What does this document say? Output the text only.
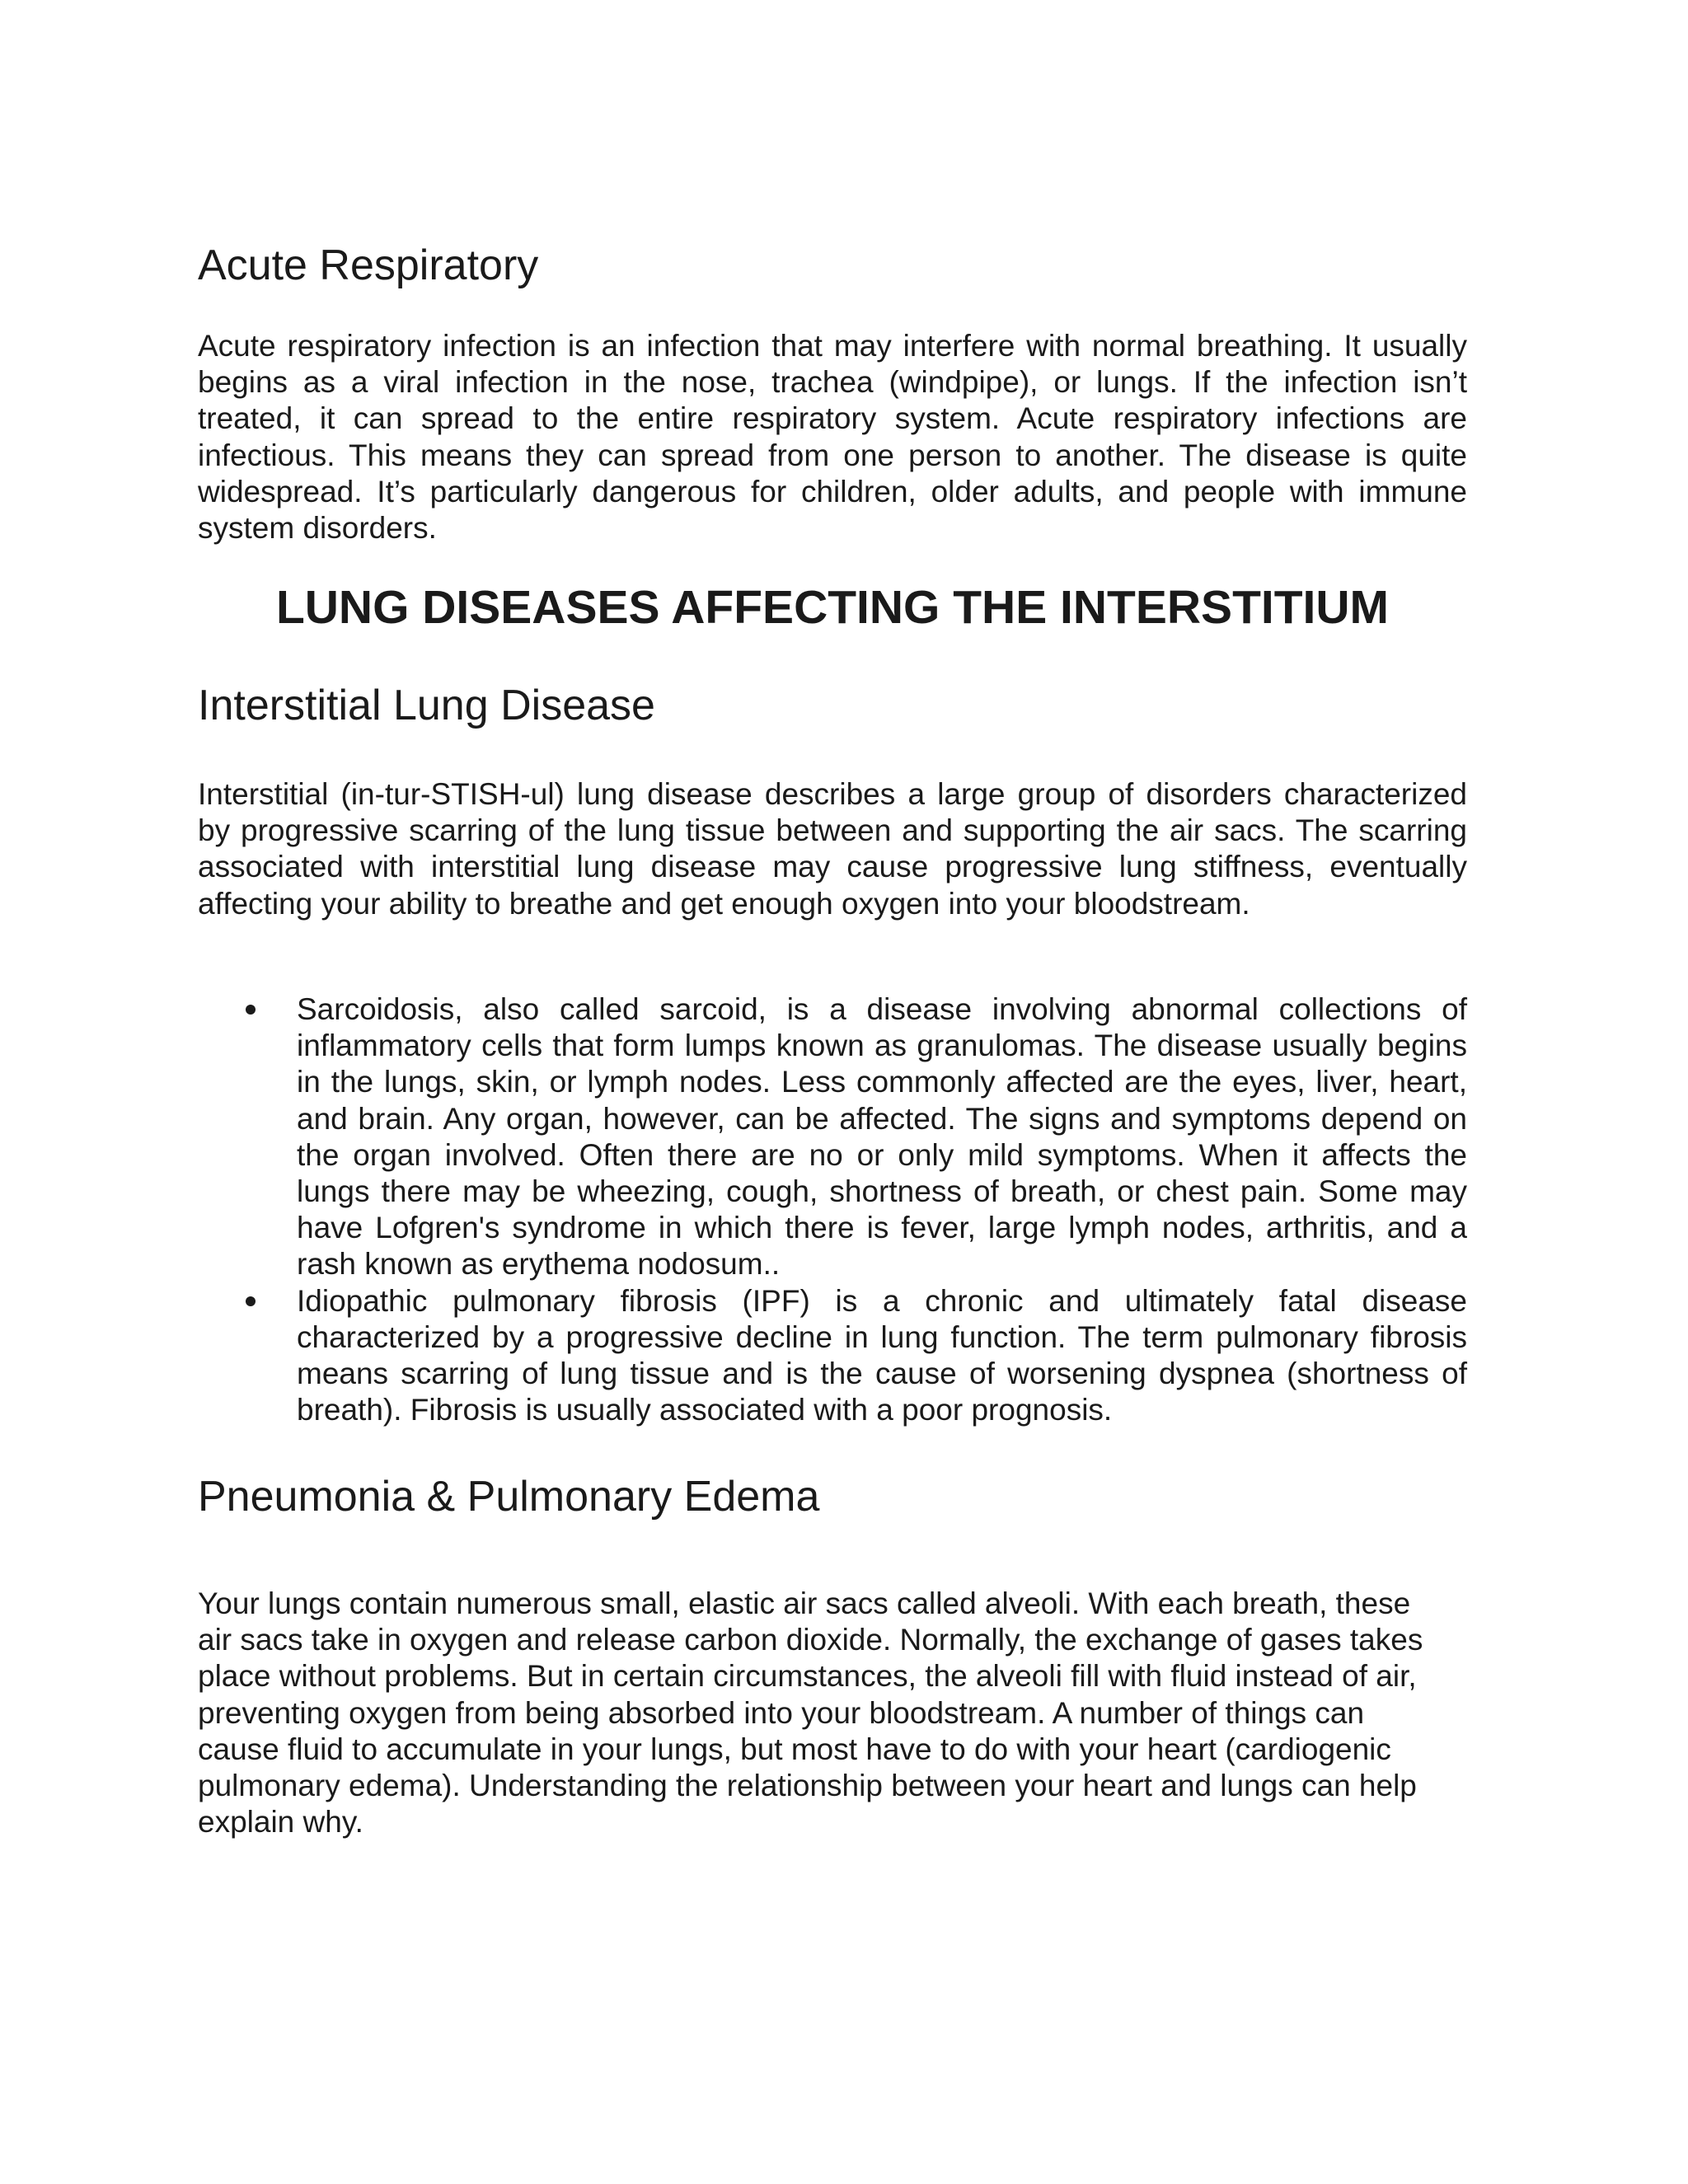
Acute Respiratory

Acute respiratory infection is an infection that may interfere with normal breathing. It usually begins as a viral infection in the nose, trachea (windpipe), or lungs. If the infection isn’t treated, it can spread to the entire respiratory system. Acute respiratory infections are infectious. This means they can spread from one person to another. The disease is quite widespread. It’s particularly dangerous for children, older adults, and people with immune system disorders.

LUNG DISEASES AFFECTING THE INTERSTITIUM
Interstitial Lung Disease

Interstitial (in-tur-STISH-ul) lung disease describes a large group of disorders characterized by progressive scarring of the lung tissue between and supporting the air sacs. The scarring associated with interstitial lung disease may cause progressive lung stiffness, eventually affecting your ability to breathe and get enough oxygen into your bloodstream.

Sarcoidosis, also called sarcoid, is a disease involving abnormal collections of inflammatory cells that form lumps known as granulomas. The disease usually begins in the lungs, skin, or lymph nodes. Less commonly affected are the eyes, liver, heart, and brain. Any organ, however, can be affected. The signs and symptoms depend on the organ involved. Often there are no or only mild symptoms. When it affects the lungs there may be wheezing, cough, shortness of breath, or chest pain. Some may have Lofgren's syndrome in which there is fever, large lymph nodes, arthritis, and a rash known as erythema nodosum..
Idiopathic pulmonary fibrosis (IPF) is a chronic and ultimately fatal disease characterized by a progressive decline in lung function. The term pulmonary fibrosis means scarring of lung tissue and is the cause of worsening dyspnea (shortness of breath). Fibrosis is usually associated with a poor prognosis.
Pneumonia & Pulmonary Edema

Your lungs contain numerous small, elastic air sacs called alveoli. With each breath, these air sacs take in oxygen and release carbon dioxide. Normally, the exchange of gases takes place without problems. But in certain circumstances, the alveoli fill with fluid instead of air, preventing oxygen from being absorbed into your bloodstream. A number of things can cause fluid to accumulate in your lungs, but most have to do with your heart (cardiogenic pulmonary edema). Understanding the relationship between your heart and lungs can help explain why.
